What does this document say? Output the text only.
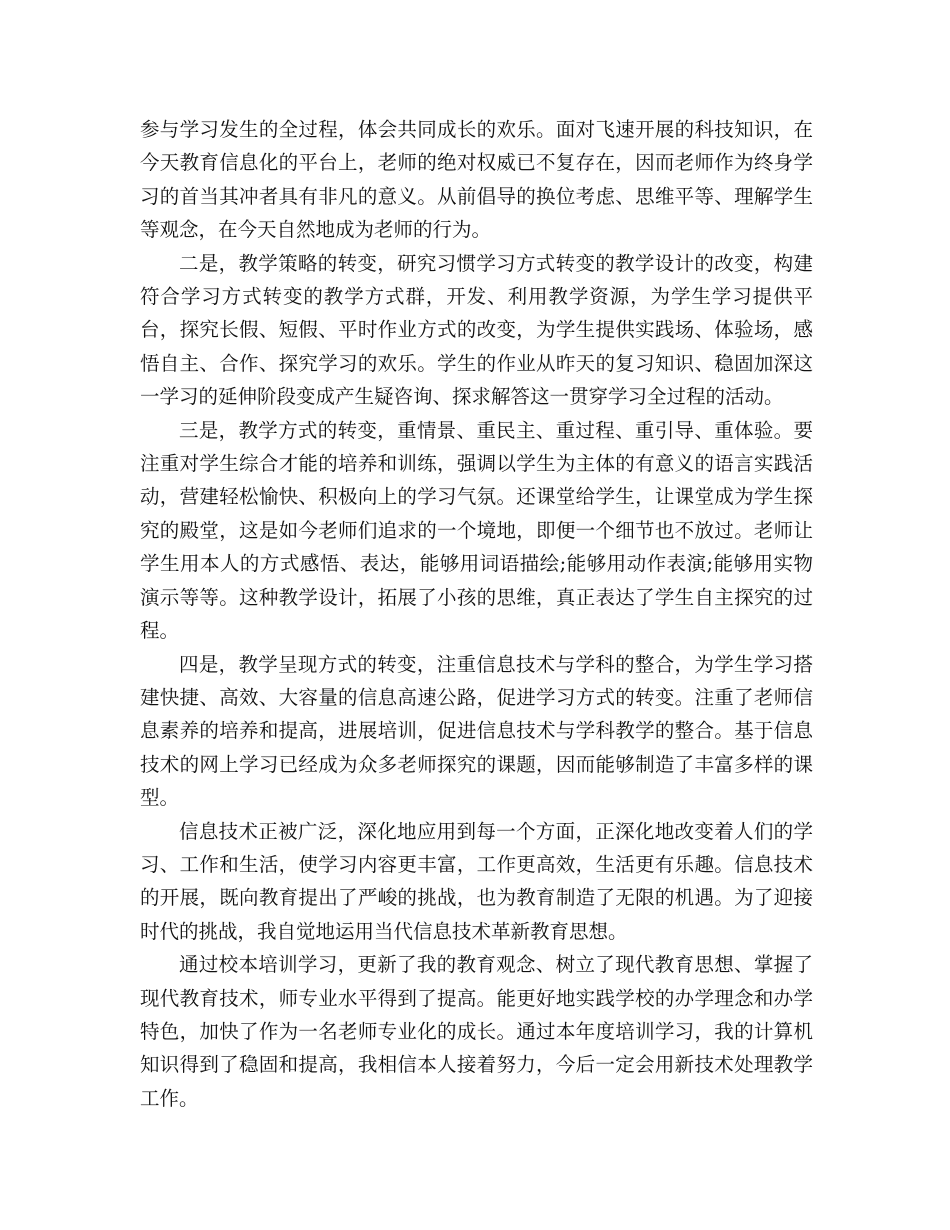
参与学习发生的全过程，体会共同成长的欢乐。面对飞速开展的科技知识，在今天教育信息化的平台上，老师的绝对权威已不复存在，因而老师作为终身学习的首当其冲者具有非凡的意义。从前倡导的换位考虑、思维平等、理解学生等观念，在今天自然地成为老师的行为。

二是，教学策略的转变，研究习惯学习方式转变的教学设计的改变，构建符合学习方式转变的教学方式群，开发、利用教学资源，为学生学习提供平台，探究长假、短假、平时作业方式的改变，为学生提供实践场、体验场，感悟自主、合作、探究学习的欢乐。学生的作业从昨天的复习知识、稳固加深这一学习的延伸阶段变成产生疑咨询、探求解答这一贯穿学习全过程的活动。

三是，教学方式的转变，重情景、重民主、重过程、重引导、重体验。要注重对学生综合才能的培养和训练，强调以学生为主体的有意义的语言实践活动，营建轻松愉快、积极向上的学习气氛。还课堂给学生，让课堂成为学生探究的殿堂，这是如今老师们追求的一个境地，即便一个细节也不放过。老师让学生用本人的方式感悟、表达，能够用词语描绘;能够用动作表演;能够用实物演示等等。这种教学设计，拓展了小孩的思维，真正表达了学生自主探究的过程。

四是，教学呈现方式的转变，注重信息技术与学科的整合，为学生学习搭建快捷、高效、大容量的信息高速公路，促进学习方式的转变。注重了老师信息素养的培养和提高，进展培训，促进信息技术与学科教学的整合。基于信息技术的网上学习已经成为众多老师探究的课题，因而能够制造了丰富多样的课型。

信息技术正被广泛，深化地应用到每一个方面，正深化地改变着人们的学习、工作和生活，使学习内容更丰富，工作更高效，生活更有乐趣。信息技术的开展，既向教育提出了严峻的挑战，也为教育制造了无限的机遇。为了迎接时代的挑战，我自觉地运用当代信息技术革新教育思想。

通过校本培训学习，更新了我的教育观念、树立了现代教育思想、掌握了现代教育技术，师专业水平得到了提高。能更好地实践学校的办学理念和办学特色，加快了作为一名老师专业化的成长。通过本年度培训学习，我的计算机知识得到了稳固和提高，我相信本人接着努力，今后一定会用新技术处理教学工作。
